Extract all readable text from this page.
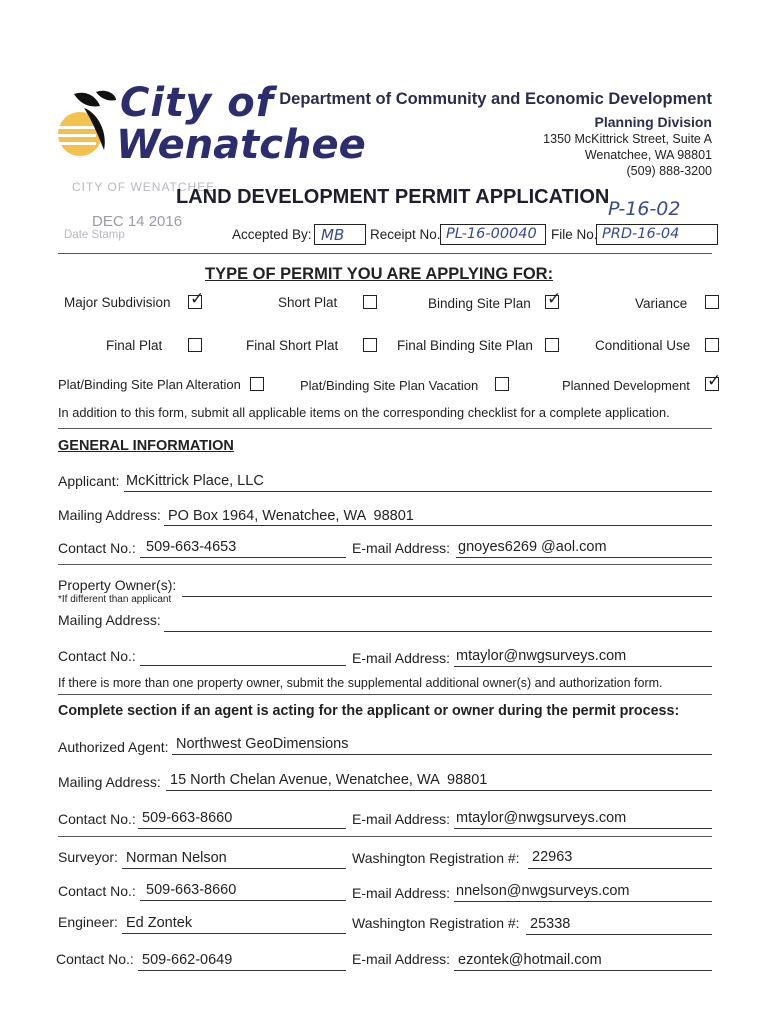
City of
Wenatchee
Department of Community and Economic Development
Planning Division
1350 McKittrick Street, Suite A
Wenatchee, WA 98801
(509) 888-3200
CITY OF WENATCHEE
DEC 14 2016
Date Stamp
LAND DEVELOPMENT PERMIT APPLICATION
P-16-02
Accepted By: MB Receipt No. PL-16-00040 File No. PRD-16-04
TYPE OF PERMIT YOU ARE APPLYING FOR:
Major Subdivision ✓	Short Plat	Binding Site Plan ✓	Variance
Final Plat	Final Short Plat	Final Binding Site Plan	Conditional Use
Plat/Binding Site Plan Alteration	Plat/Binding Site Plan Vacation	Planned Development ✓
In addition to this form, submit all applicable items on the corresponding checklist for a complete application.
GENERAL INFORMATION
Applicant: McKittrick Place, LLC
Mailing Address: PO Box 1964, Wenatchee, WA  98801
Contact No.: 509-663-4653	E-mail Address: gnoyes6269 @aol.com
Property Owner(s):
*If different than applicant
Mailing Address:
Contact No.:	E-mail Address: mtaylor@nwgsurveys.com
If there is more than one property owner, submit the supplemental additional owner(s) and authorization form.
Complete section if an agent is acting for the applicant or owner during the permit process:
Authorized Agent: Northwest GeoDimensions
Mailing Address: 15 North Chelan Avenue, Wenatchee, WA  98801
Contact No.: 509-663-8660	E-mail Address: mtaylor@nwgsurveys.com
Surveyor: Norman Nelson	Washington Registration #: 22963
Contact No.: 509-663-8660	E-mail Address: nnelson@nwgsurveys.com
Engineer: Ed Zontek	Washington Registration #: 25338
Contact No.: 509-662-0649	E-mail Address: ezontek@hotmail.com
